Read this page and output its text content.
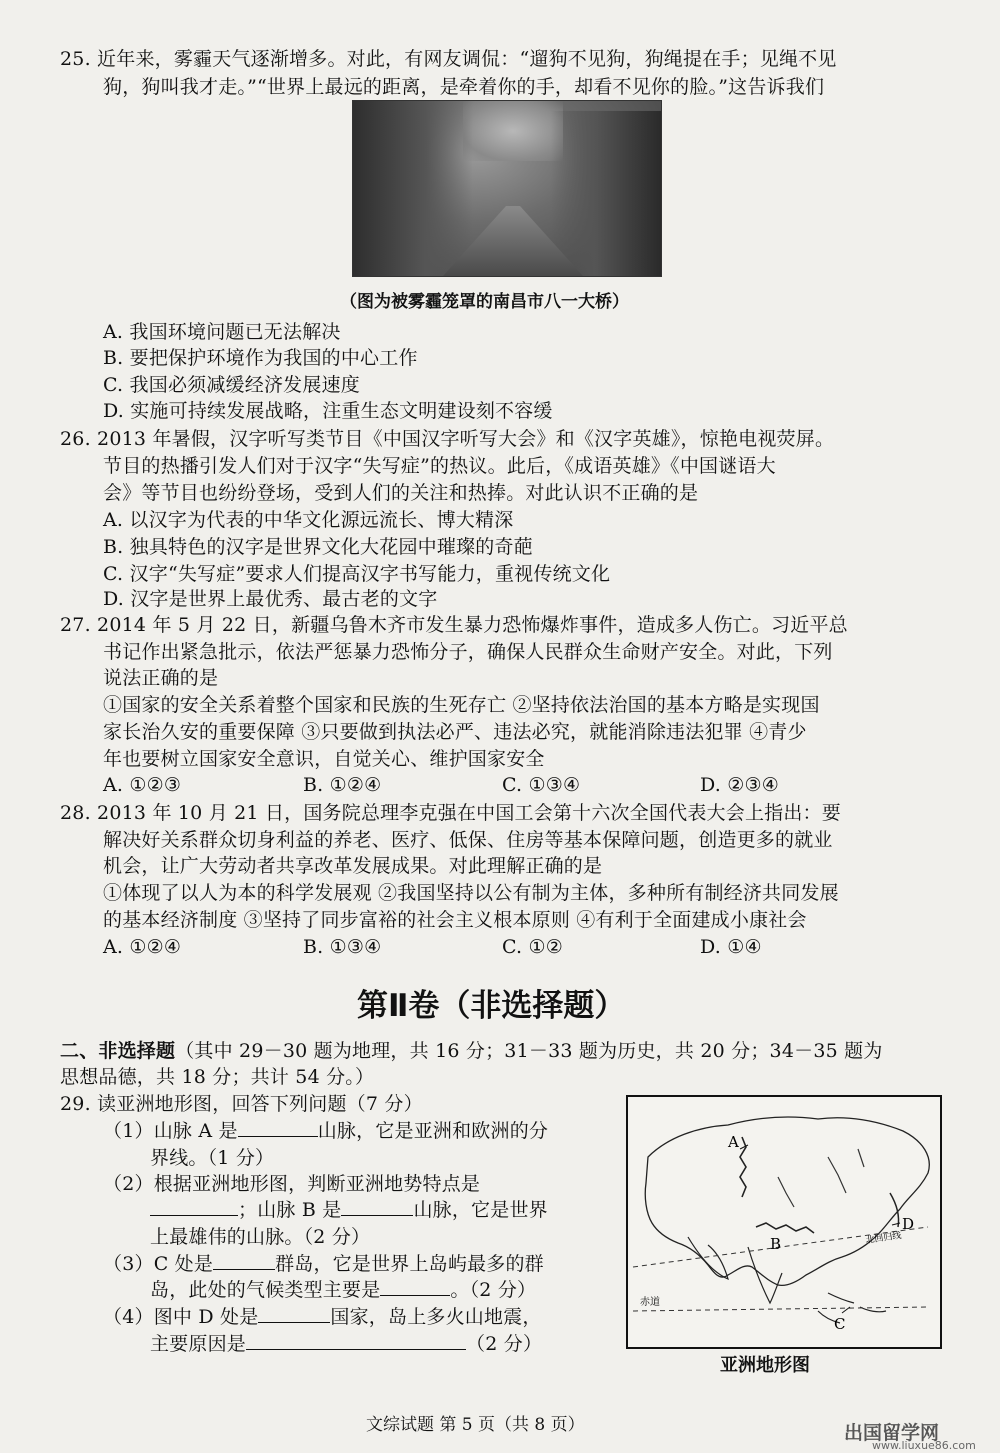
25. 近年来，雾霾天气逐渐增多。对此，有网友调侃：“遛狗不见狗，狗绳提在手；见绳不见
狗，狗叫我才走。”“世界上最远的距离，是牵着你的手，却看不见你的脸。”这告诉我们
（图为被雾霾笼罩的南昌市八一大桥）
A. 我国环境问题已无法解决
B. 要把保护环境作为我国的中心工作
C. 我国必须减缓经济发展速度
D. 实施可持续发展战略，注重生态文明建设刻不容缓
26. 2013 年暑假，汉字听写类节目《中国汉字听写大会》和《汉字英雄》，惊艳电视荧屏。
节目的热播引发人们对于汉字“失写症”的热议。此后，《成语英雄》《中国谜语大
会》等节目也纷纷登场，受到人们的关注和热捧。对此认识不正确的是
A. 以汉字为代表的中华文化源远流长、博大精深
B. 独具特色的汉字是世界文化大花园中璀璨的奇葩
C. 汉字“失写症”要求人们提高汉字书写能力，重视传统文化
D. 汉字是世界上最优秀、最古老的文字
27. 2014 年 5 月 22 日，新疆乌鲁木齐市发生暴力恐怖爆炸事件，造成多人伤亡。习近平总
书记作出紧急批示，依法严惩暴力恐怖分子，确保人民群众生命财产安全。对此，下列
说法正确的是
①国家的安全关系着整个国家和民族的生死存亡 ②坚持依法治国的基本方略是实现国
家长治久安的重要保障 ③只要做到执法必严、违法必究，就能消除违法犯罪 ④青少
年也要树立国家安全意识，自觉关心、维护国家安全
A. ①②③	B. ①②④	C. ①③④	D. ②③④
28. 2013 年 10 月 21 日，国务院总理李克强在中国工会第十六次全国代表大会上指出：要
解决好关系群众切身利益的养老、医疗、低保、住房等基本保障问题，创造更多的就业
机会，让广大劳动者共享改革发展成果。对此理解正确的是
①体现了以人为本的科学发展观 ②我国坚持以公有制为主体，多种所有制经济共同发展
的基本经济制度 ③坚持了同步富裕的社会主义根本原则 ④有利于全面建成小康社会
A. ①②④	B. ①③④	C. ①②	D. ①④
第Ⅱ卷（非选择题）
二、非选择题（其中 29－30 题为地理，共 16 分；31－33 题为历史，共 20 分；34－35 题为
思想品德，共 18 分；共计 54 分。）
29. 读亚洲地形图，回答下列问题（7 分）
（1）山脉 A 是	山脉，它是亚洲和欧洲的分
界线。（1 分）
（2）根据亚洲地形图，判断亚洲地势特点是
；山脉 B 是	山脉，它是世界
上最雄伟的山脉。（2 分）
（3）C 处是	群岛，它是世界上岛屿最多的群
岛，此处的气候类型主要是	。（2 分）
（4）图中 D 处是	国家，岛上多火山地震，
主要原因是	（2 分）
A
B
C
D
北回归线
赤道
亚洲地形图
文综试题 第 5 页（共 8 页）	出国留学网
www.liuxue86.com
